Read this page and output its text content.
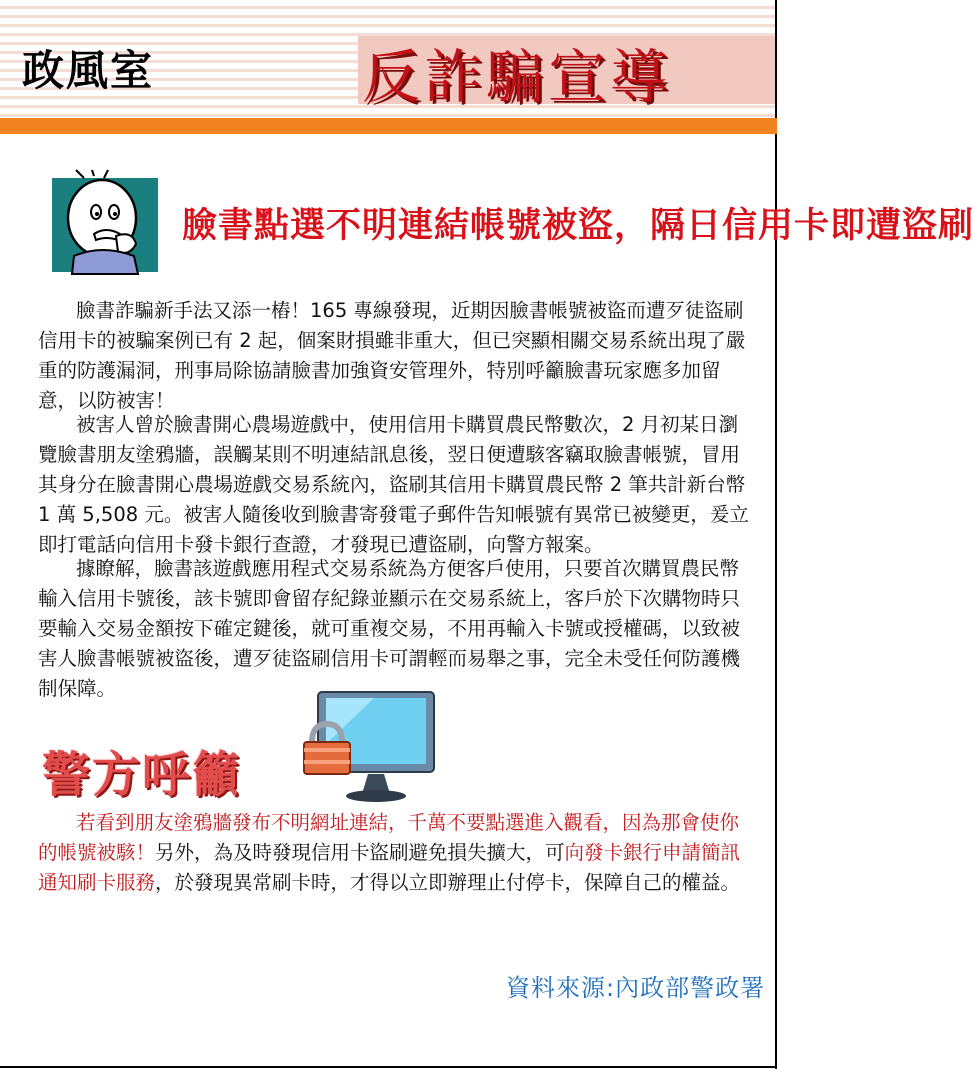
政風室	反詐騙宣導
臉書點選不明連結帳號被盜，隔日信用卡即遭盜刷
臉書詐騙新手法又添一樁！165 專線發現，近期因臉書帳號被盜而遭歹徒盜刷信用卡的被騙案例已有 2 起，個案財損雖非重大，但已突顯相關交易系統出現了嚴重的防護漏洞，刑事局除協請臉書加強資安管理外，特別呼籲臉書玩家應多加留意，以防被害！
被害人曾於臉書開心農場遊戲中，使用信用卡購買農民幣數次，2 月初某日瀏覽臉書朋友塗鴉牆，誤觸某則不明連結訊息後，翌日便遭駭客竊取臉書帳號，冒用其身分在臉書開心農場遊戲交易系統內，盜刷其信用卡購買農民幣 2 筆共計新台幣 1 萬 5,508 元。被害人隨後收到臉書寄發電子郵件告知帳號有異常已被變更，爰立即打電話向信用卡發卡銀行查證，才發現已遭盜刷，向警方報案。
據瞭解，臉書該遊戲應用程式交易系統為方便客戶使用，只要首次購買農民幣輸入信用卡號後，該卡號即會留存紀錄並顯示在交易系統上，客戶於下次購物時只要輸入交易金額按下確定鍵後，就可重複交易，不用再輸入卡號或授權碼，以致被害人臉書帳號被盜後，遭歹徒盜刷信用卡可謂輕而易舉之事，完全未受任何防護機制保障。
警方呼籲
若看到朋友塗鴉牆發布不明網址連結，千萬不要點選進入觀看，因為那會使你的帳號被駭！另外，為及時發現信用卡盜刷避免損失擴大，可向發卡銀行申請簡訊通知刷卡服務，於發現異常刷卡時，才得以立即辦理止付停卡，保障自己的權益。
資料來源:內政部警政署
